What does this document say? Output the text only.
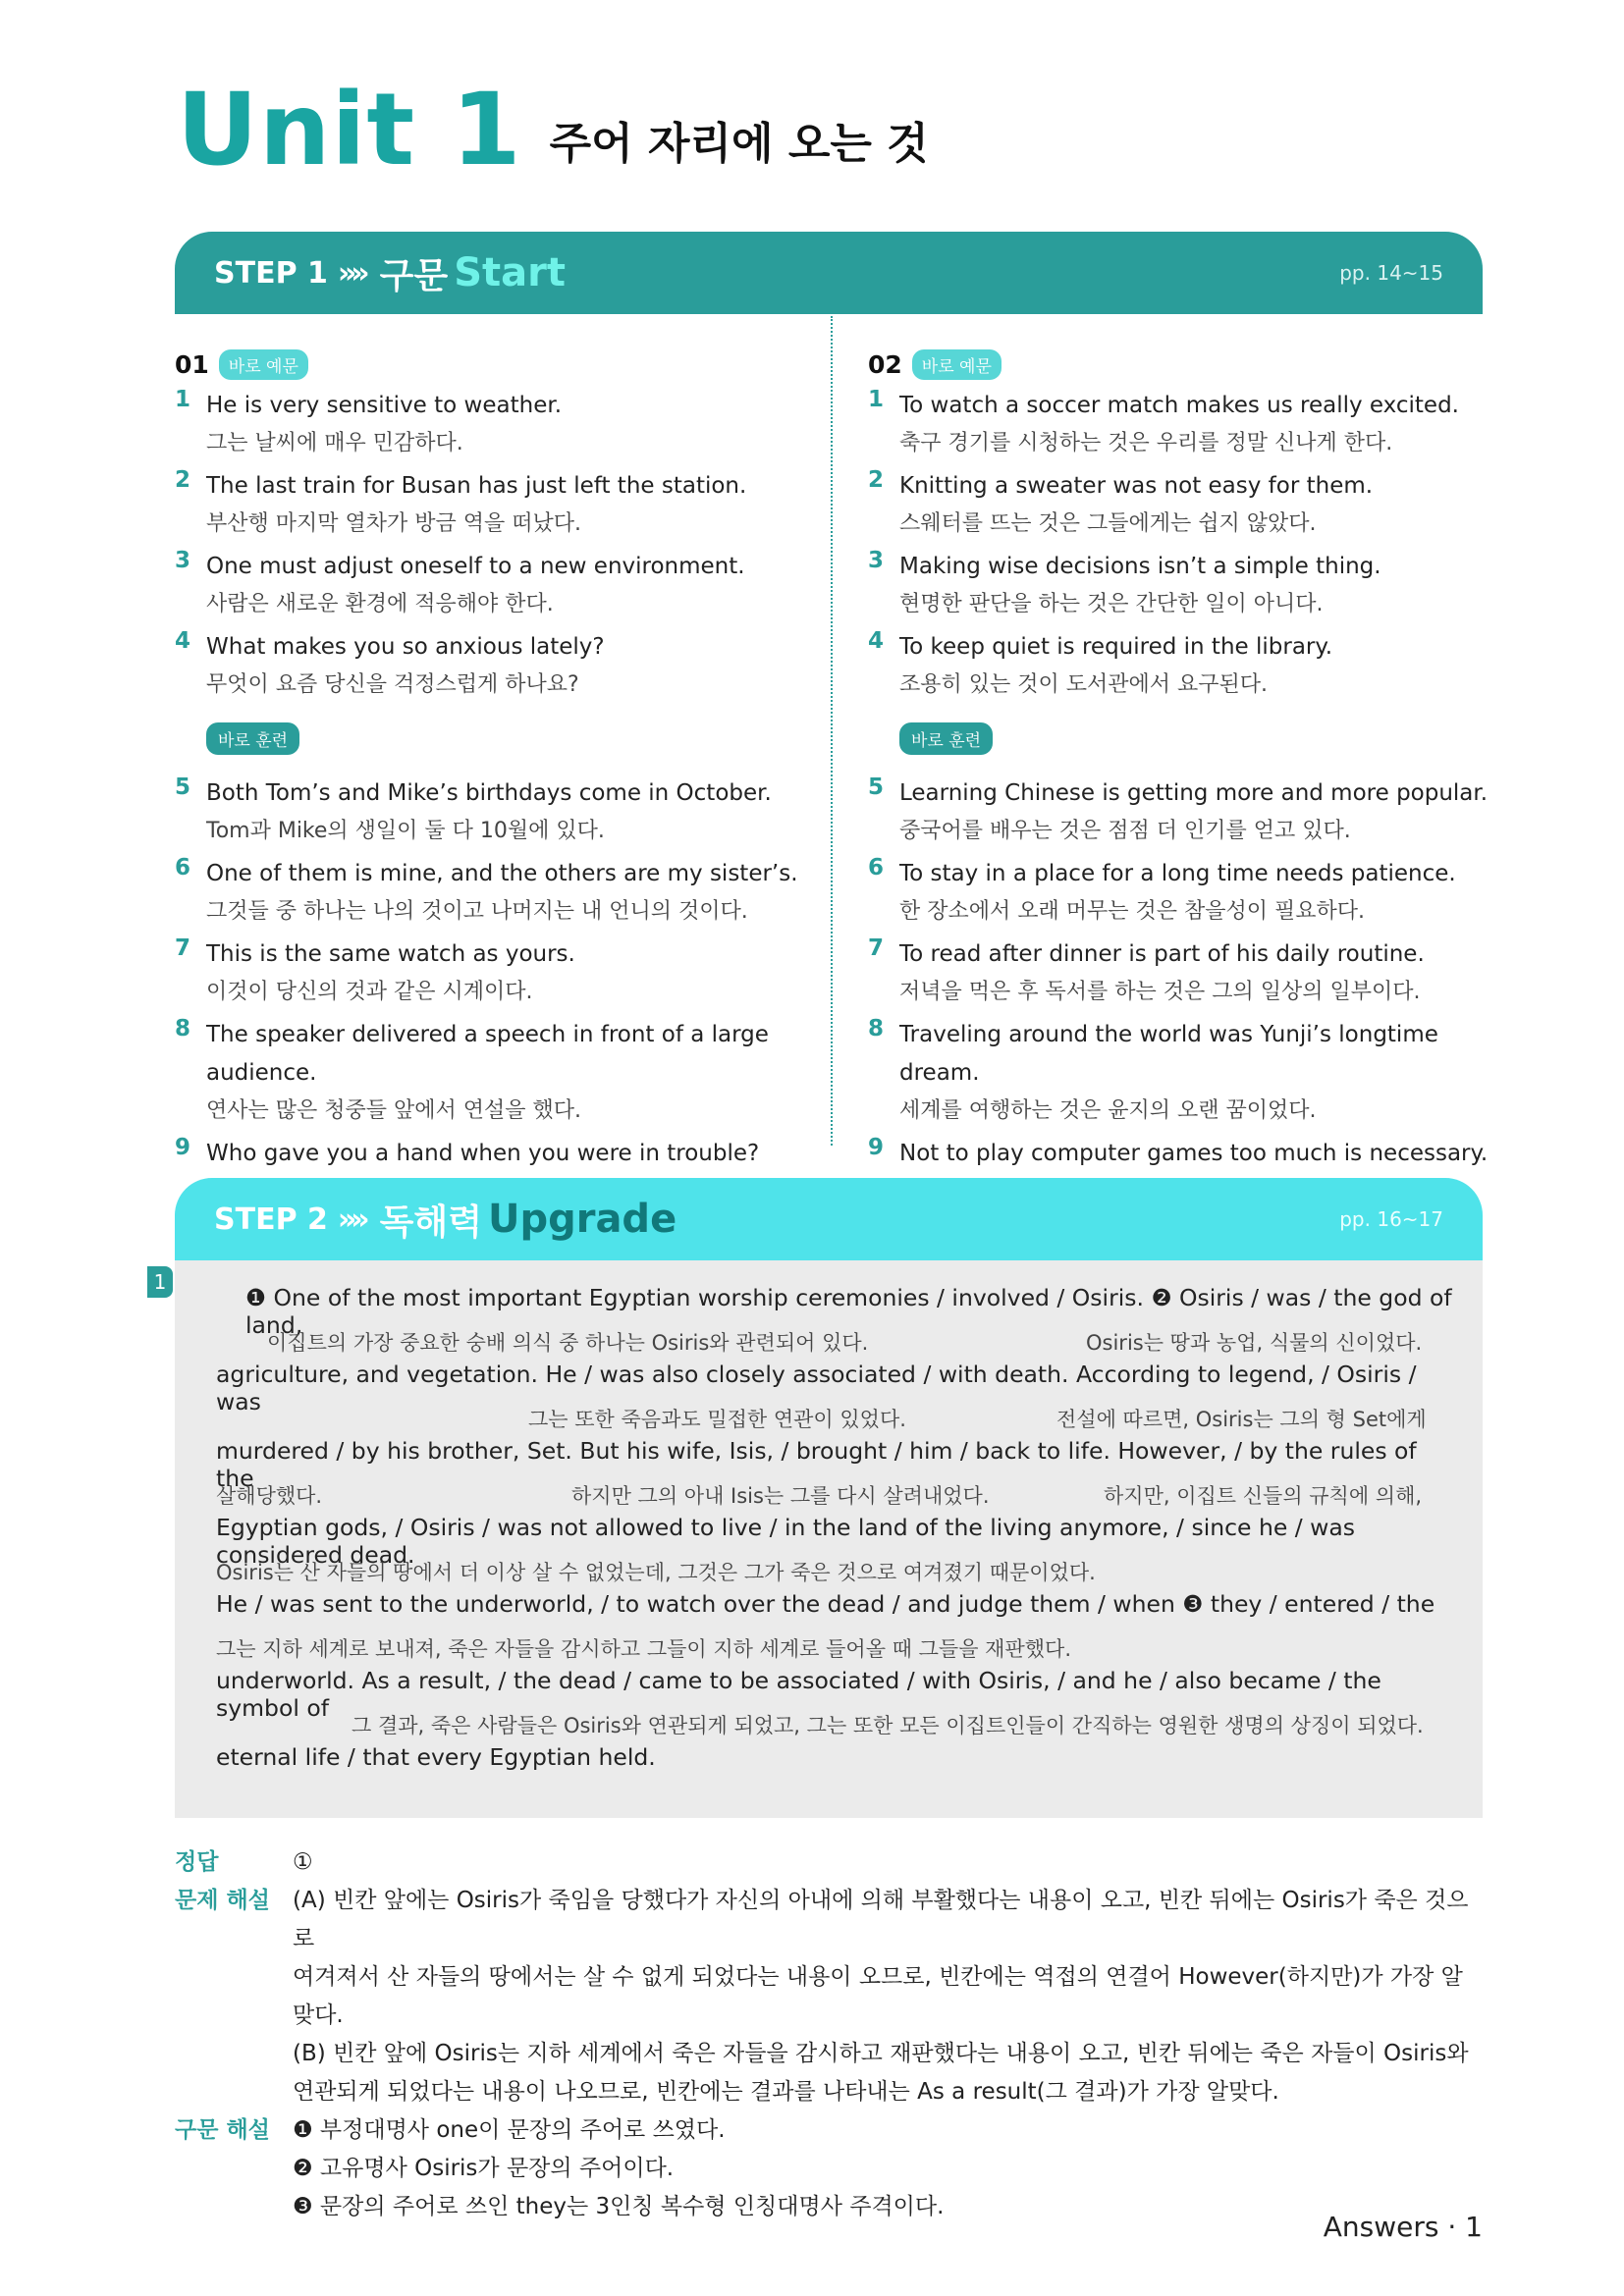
Unit 1 주어 자리에 오는 것
STEP 1 »» 구문 Start	pp. 14~15
01	바로 예문
1 He is very sensitive to weather.
그는 날씨에 매우 민감하다.
2 The last train for Busan has just left the station.
부산행 마지막 열차가 방금 역을 떠났다.
3 One must adjust oneself to a new environment.
사람은 새로운 환경에 적응해야 한다.
4 What makes you so anxious lately?
무엇이 요즘 당신을 걱정스럽게 하나요?
바로 훈련
5 Both Tom’s and Mike’s birthdays come in October.
Tom과 Mike의 생일이 둘 다 10월에 있다.
6 One of them is mine, and the others are my sister’s.
그것들 중 하나는 나의 것이고 나머지는 내 언니의 것이다.
7 This is the same watch as yours.
이것이 당신의 것과 같은 시계이다.
8 The speaker delivered a speech in front of a large audience.
연사는 많은 청중들 앞에서 연설을 했다.
9 Who gave you a hand when you were in trouble?
02	바로 예문
1 To watch a soccer match makes us really excited.
축구 경기를 시청하는 것은 우리를 정말 신나게 한다.
2 Knitting a sweater was not easy for them.
스웨터를 뜨는 것은 그들에게는 쉽지 않았다.
3 Making wise decisions isn’t a simple thing.
현명한 판단을 하는 것은 간단한 일이 아니다.
4 To keep quiet is required in the library.
조용히 있는 것이 도서관에서 요구된다.
바로 훈련
5 Learning Chinese is getting more and more popular.
중국어를 배우는 것은 점점 더 인기를 얻고 있다.
6 To stay in a place for a long time needs patience.
한 장소에서 오래 머무는 것은 참을성이 필요하다.
7 To read after dinner is part of his daily routine.
저녁을 먹은 후 독서를 하는 것은 그의 일상의 일부이다.
8 Traveling around the world was Yunji’s longtime dream.
세계를 여행하는 것은 윤지의 오랜 꿈이었다.
9 Not to play computer games too much is necessary.
STEP 2 »» 독해력 Upgrade	pp. 16~17
1
❶ One of the most important Egyptian worship ceremonies / involved / Osiris. ❷ Osiris / was / the god of land,
이집트의 가장 중요한 숭배 의식 중 하나는 Osiris와 관련되어 있다.	Osiris는 땅과 농업, 식물의 신이었다.
agriculture, and vegetation. He / was also closely associated / with death. According to legend, / Osiris / was
그는 또한 죽음과도 밀접한 연관이 있었다.	전설에 따르면, Osiris는 그의 형 Set에게
murdered / by his brother, Set. But his wife, Isis, / brought / him / back to life. However, / by the rules of the
살해당했다.	하지만 그의 아내 Isis는 그를 다시 살려내었다.	하지만, 이집트 신들의 규칙에 의해,
Egyptian gods, / Osiris / was not allowed to live / in the land of the living anymore, / since he / was considered dead.
Osiris는 산 자들의 땅에서 더 이상 살 수 없었는데, 그것은 그가 죽은 것으로 여겨졌기 때문이었다.
He / was sent to the underworld, / to watch over the dead / and judge them / when ❸ they / entered / the
그는 지하 세계로 보내져, 죽은 자들을 감시하고 그들이 지하 세계로 들어올 때 그들을 재판했다.
underworld. As a result, / the dead / came to be associated / with Osiris, / and he / also became / the symbol of
그 결과, 죽은 사람들은 Osiris와 연관되게 되었고, 그는 또한 모든 이집트인들이 간직하는 영원한 생명의 상징이 되었다.
eternal life / that every Egyptian held.
정답	①
문제 해설	(A) 빈칸 앞에는 Osiris가 죽임을 당했다가 자신의 아내에 의해 부활했다는 내용이 오고, 빈칸 뒤에는 Osiris가 죽은 것으로
여겨져서 산 자들의 땅에서는 살 수 없게 되었다는 내용이 오므로, 빈칸에는 역접의 연결어 However(하지만)가 가장 알맞다.
(B) 빈칸 앞에 Osiris는 지하 세계에서 죽은 자들을 감시하고 재판했다는 내용이 오고, 빈칸 뒤에는 죽은 자들이 Osiris와
연관되게 되었다는 내용이 나오므로, 빈칸에는 결과를 나타내는 As a result(그 결과)가 가장 알맞다.
구문 해설	❶ 부정대명사 one이 문장의 주어로 쓰였다.
❷ 고유명사 Osiris가 문장의 주어이다.
❸ 문장의 주어로 쓰인 they는 3인칭 복수형 인칭대명사 주격이다.
Answers · 1
